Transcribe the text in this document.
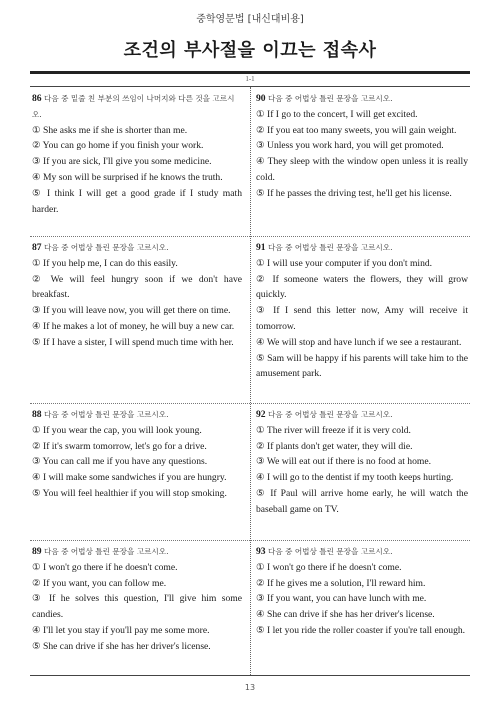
중학영문법 [내신대비용]
조건의 부사절을 이끄는 접속사
1-1

86 다음 중 밑줄 친 부분의 쓰임이 나머지와 다른 것을 고르시오.

① She asks me if she is shorter than me.

② You can go home if you finish your work.

③ If you are sick, I'll give you some medicine.

④ My son will be surprised if he knows the truth.

⑤ I think I will get a good grade if I study math harder.

90 다음 중 어법상 틀린 문장을 고르시오.

① If I go to the concert, I will get excited.

② If you eat too many sweets, you will gain weight.

③ Unless you work hard, you will get promoted.

④ They sleep with the window open unless it is really cold.

⑤ If he passes the driving test, he'll get his license.

87 다음 중 어법상 틀린 문장을 고르시오.

① If you help me, I can do this easily.

② We will feel hungry soon if we don't have breakfast.

③ If you will leave now, you will get there on time.

④ If he makes a lot of money, he will buy a new car.

⑤ If I have a sister, I will spend much time with her.

91 다음 중 어법상 틀린 문장을 고르시오.

① I will use your computer if you don't mind.

② If someone waters the flowers, they will grow quickly.

③ If I send this letter now, Amy will receive it tomorrow.

④ We will stop and have lunch if we see a restaurant.

⑤ Sam will be happy if his parents will take him to the amusement park.

88 다음 중 어법상 틀린 문장을 고르시오.

① If you wear the cap, you will look young.

② If it's swarm tomorrow, let's go for a drive.

③ You can call me if you have any questions.

④ I will make some sandwiches if you are hungry.

⑤ You will feel healthier if you will stop smoking.

92 다음 중 어법상 틀린 문장을 고르시오.

① The river will freeze if it is very cold.

② If plants don't get water, they will die.

③ We will eat out if there is no food at home.

④ I will go to the dentist if my tooth keeps hurting.

⑤ If Paul will arrive home early, he will watch the baseball game on TV.

89 다음 중 어법상 틀린 문장을 고르시오.

① I won't go there if he doesn't come.

② If you want, you can follow me.

③ If he solves this question, I'll give him some candies.

④ I'll let you stay if you'll pay me some more.

⑤ She can drive if she has her driver's license.

93 다음 중 어법상 틀린 문장을 고르시오.

① I won't go there if he doesn't come.

② If he gives me a solution, I'll reward him.

③ If you want, you can have lunch with me.

④ She can drive if she has her driver's license.

⑤ I let you ride the roller coaster if you're tall enough.

13
